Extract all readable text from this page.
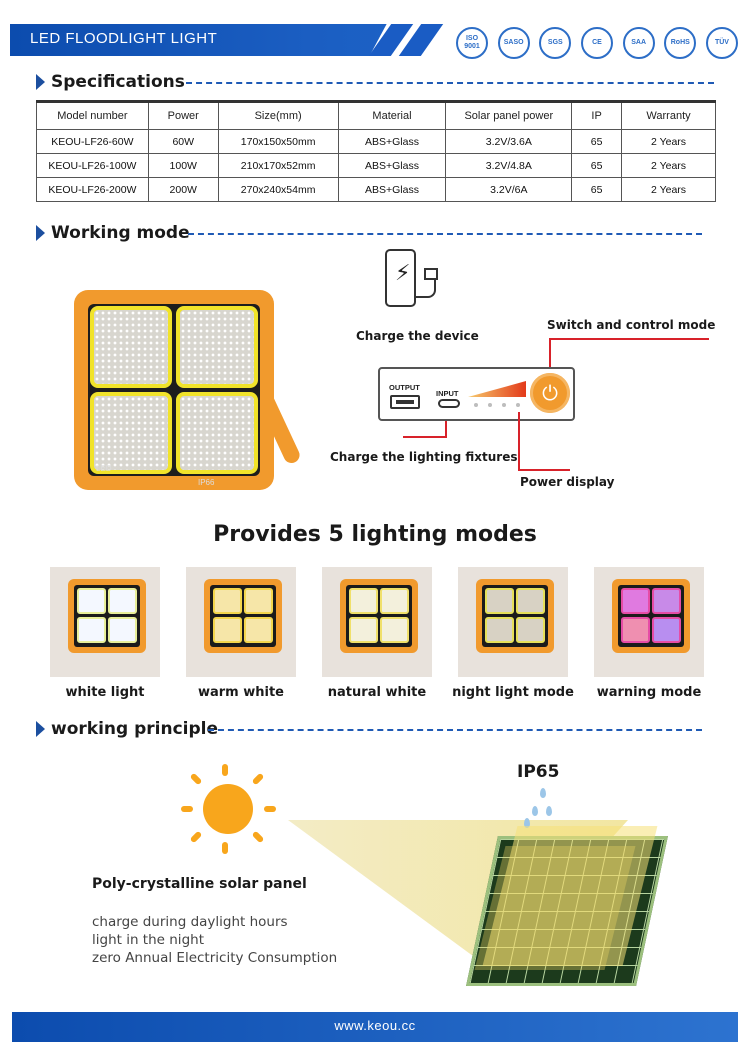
LED FLOODLIGHT LIGHT	ISO 9001
SASO	SGS	CE	SAA	RoHS	TÜV
Specifications
Model number	Power	Size(mm)	Material	Solar panel power	IP	Warranty
KEOU-LF26-60W	60W	170x150x50mm	ABS+Glass	3.2V/3.6A	65	2 Years
KEOU-LF26-100W	100W	210x170x52mm	ABS+Glass	3.2V/4.8A	65	2 Years
KEOU-LF26-200W	200W	270x240x54mm	ABS+Glass	3.2V/6A	65	2 Years
Working mode
LED
IP66
⚡
Charge the device
Switch and control mode
OUTPUT
INPUT	⏻
Charge the lighting fixtures
Power display
Provides 5 lighting modes
white light	warm white	natural white	night light mode	warning mode
working principle
IP65
Poly-crystalline solar panel
charge during daylight hours
light in the night
zero Annual Electricity Consumption
www.keou.cc
